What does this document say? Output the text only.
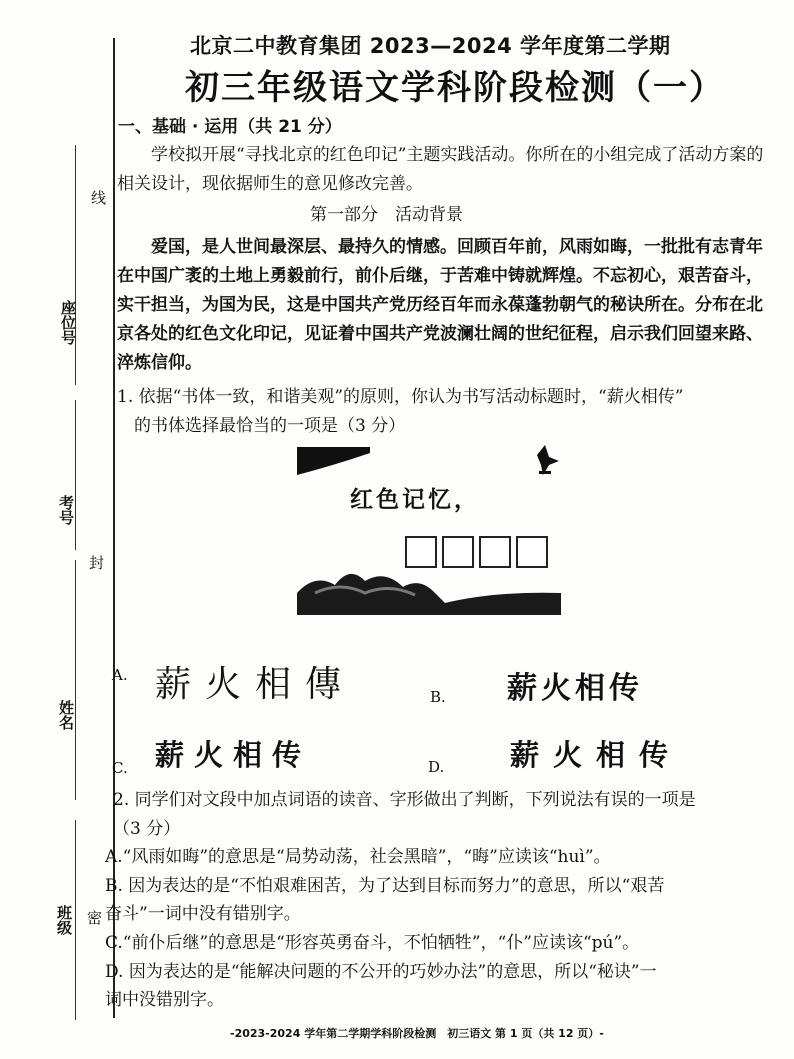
座位号
考号
姓名
班级
线
封
密
北京二中教育集团 2023—2024 学年度第二学期
初三年级语文学科阶段检测（一）
一、基础 · 运用（共 21 分）
学校拟开展“寻找北京的红色印记”主题实践活动。你所在的小组完成了活动方案的相关设计，现依据师生的意见修改完善。
第一部分　活动背景
爱国，是人世间最深层、最持久的情感。回顾百年前，风雨如晦，一批批有志青年在中国广袤的土地上勇毅前行，前仆后继，于苦难中铸就辉煌。不忘初心，艰苦奋斗，实干担当，为国为民，这是中国共产党历经百年而永葆蓬勃朝气的秘诀所在。分布在北京各处的红色文化印记，见证着中国共产党波澜壮阔的世纪征程，启示我们回望来路、淬炼信仰。
1. 依据“书体一致，和谐美观”的原则，你认为书写活动标题时，“薪火相传”
的书体选择最恰当的一项是（3 分）
红色记忆，
A. 薪火相傳	B. 薪火相传
C. 薪火相传	D. 薪火相传
2. 同学们对文段中加点词语的读音、字形做出了判断，下列说法有误的一项是
（3 分）
A.“风雨如晦”的意思是“局势动荡，社会黑暗”，“晦”应读该“huì”。
B. 因为表达的是“不怕艰难困苦，为了达到目标而努力”的意思，所以“艰苦
奋斗”一词中没有错别字。
C.“前仆后继”的意思是“形容英勇奋斗，不怕牺牲”，“仆”应读该“pú”。
D. 因为表达的是“能解决问题的不公开的巧妙办法”的意思，所以“秘诀”一
词中没错别字。
-2023-2024 学年第二学期学科阶段检测　初三语文 第 1 页（共 12 页）-
